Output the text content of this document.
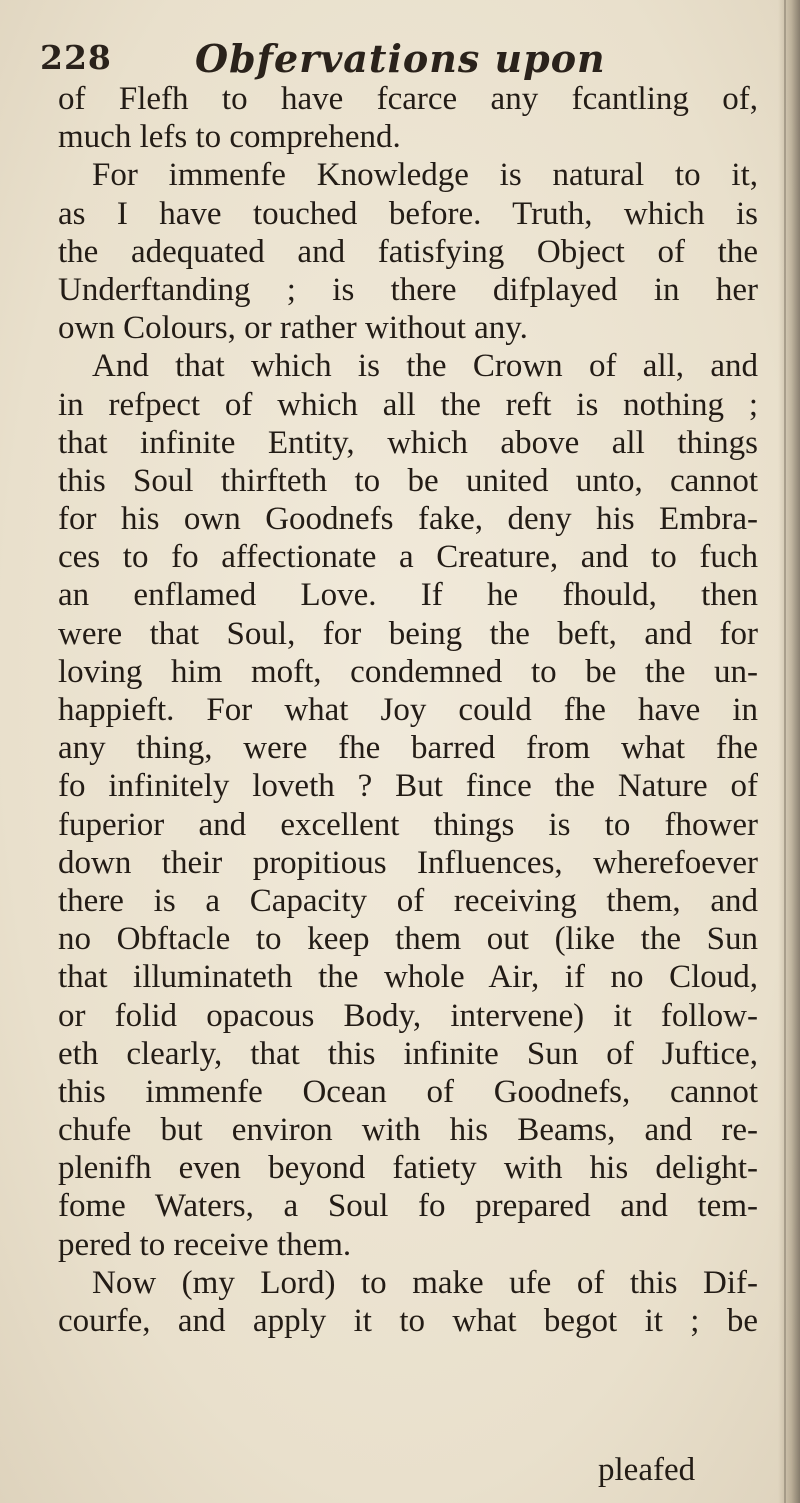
228 Obfervations upon
of Flefh to have fcarce any fcantling of,
much lefs to comprehend.
For immenfe Knowledge is natural to it,
as I have touched before. Truth, which is
the adequated and fatisfying Object of the
Underftanding ; is there difplayed in her
own Colours, or rather without any.
And that which is the Crown of all, and
in refpect of which all the reft is nothing ;
that infinite Entity, which above all things
this Soul thirfteth to be united unto, cannot
for his own Goodnefs fake, deny his Embra-
ces to fo affectionate a Creature, and to fuch
an enflamed Love. If he fhould, then
were that Soul, for being the beft, and for
loving him moft, condemned to be the un-
happieft. For what Joy could fhe have in
any thing, were fhe barred from what fhe
fo infinitely loveth ? But fince the Nature of
fuperior and excellent things is to fhower
down their propitious Influences, wherefoever
there is a Capacity of receiving them, and
no Obftacle to keep them out (like the Sun
that illuminateth the whole Air, if no Cloud,
or folid opacous Body, intervene) it follow-
eth clearly, that this infinite Sun of Juftice,
this immenfe Ocean of Goodnefs, cannot
chufe but environ with his Beams, and re-
plenifh even beyond fatiety with his delight-
fome Waters, a Soul fo prepared and tem-
pered to receive them.
Now (my Lord) to make ufe of this Dif-
courfe, and apply it to what begot it ; be
pleafed
